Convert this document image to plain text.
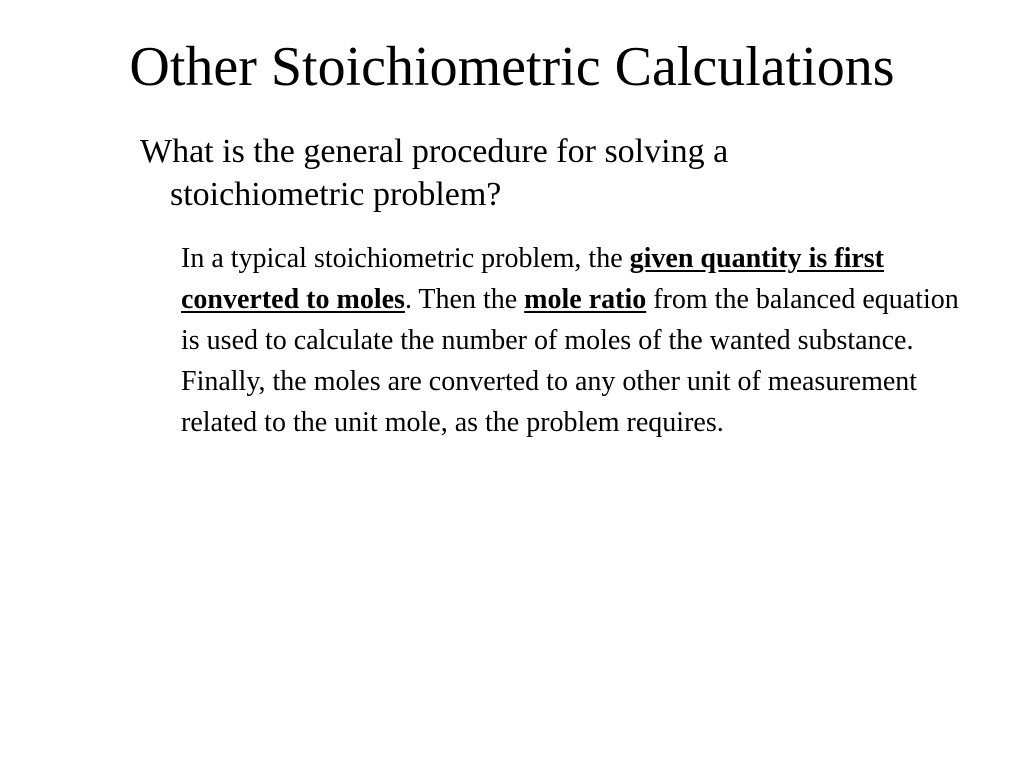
Other Stoichiometric Calculations

What is the general procedure for solving a stoichiometric problem?

In a typical stoichiometric problem, the given quantity is first converted to moles. Then the mole ratio from the balanced equation is used to calculate the number of moles of the wanted substance. Finally, the moles are converted to any other unit of measurement related to the unit mole, as the problem requires.
